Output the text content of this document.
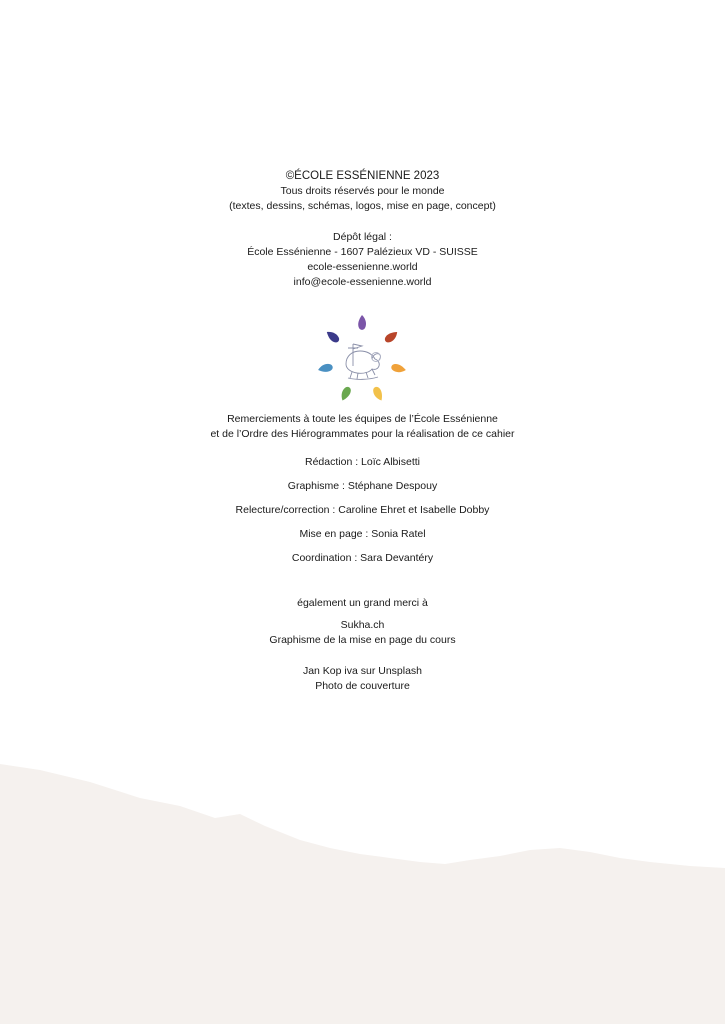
©ÉCOLE ESSÉNIENNE 2023
Tous droits réservés pour le monde
(textes, dessins, schémas, logos, mise en page, concept)
Dépôt légal :
École Essénienne - 1607 Palézieux VD - SUISSE
ecole-essenienne.world
info@ecole-essenienne.world
Remerciements à toute les équipes de l’École Essénienne
et de l’Ordre des Hiérogrammates pour la réalisation de ce cahier
Rédaction : Loïc Albisetti
Graphisme : Stéphane Despouy
Relecture/correction : Caroline Ehret et Isabelle Dobby
Mise en page : Sonia Ratel
Coordination : Sara Devantéry
également un grand merci à
Sukha.ch
Graphisme de la mise en page du cours
Jan Kop iva sur Unsplash
Photo de couverture
